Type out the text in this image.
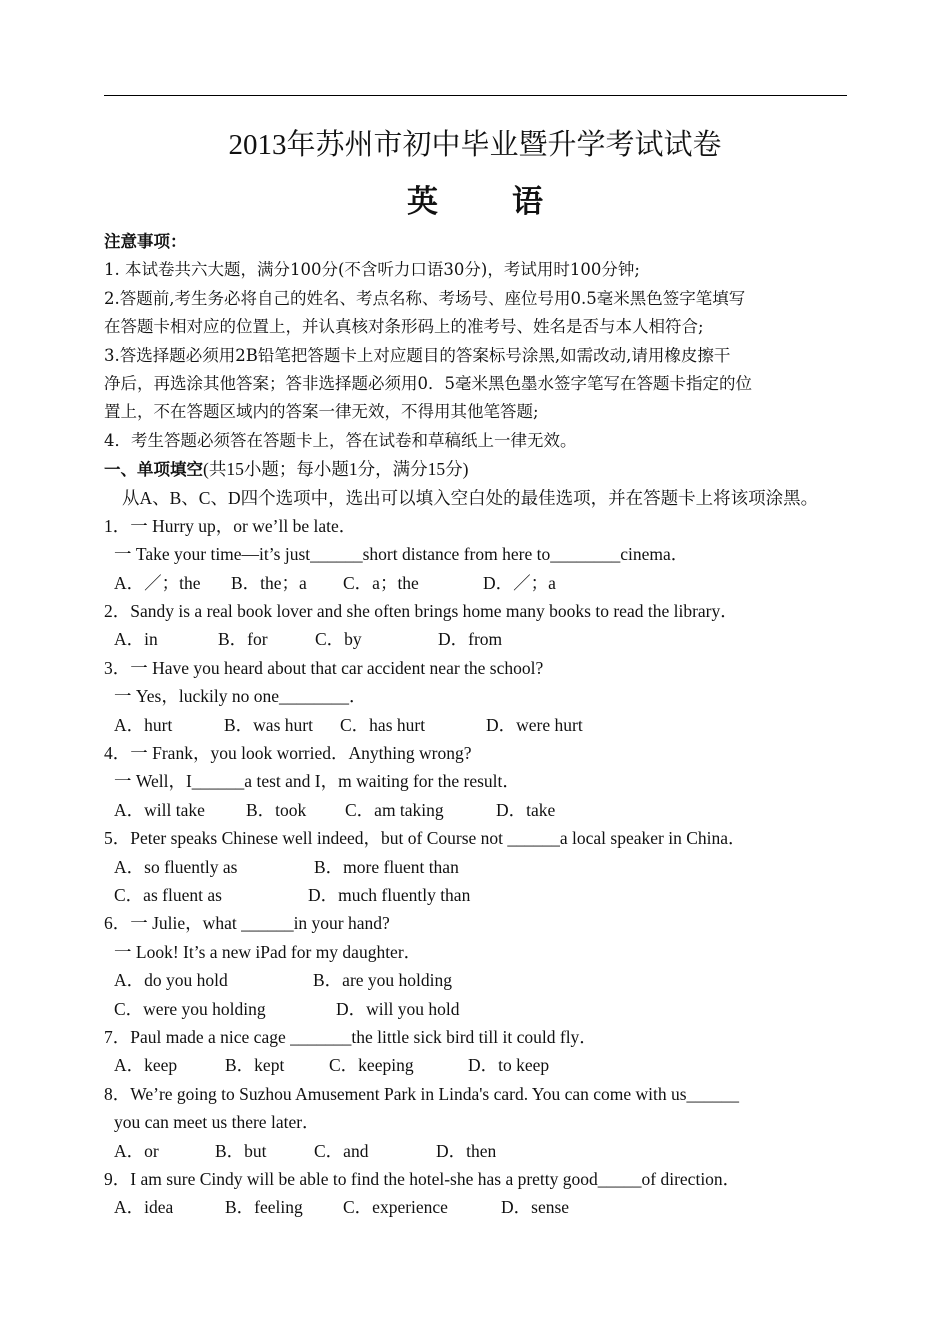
2013年苏州市初中毕业暨升学考试试卷
英 语
注意事项：
1. 本试卷共六大题，满分100分(不含听力口语30分)，考试用时100分钟;
2.答题前,考生务必将自己的姓名、考点名称、考场号、座位号用0.5毫米黑色签字笔填写
在答题卡相对应的位置上，并认真核对条形码上的准考号、姓名是否与本人相符合;
3.答选择题必须用2B铅笔把答题卡上对应题目的答案标号涂黑,如需改动,请用橡皮擦干
净后，再选涂其他答案；答非选择题必须用0．5毫米黑色墨水签字笔写在答题卡指定的位
置上，不在答题区域内的答案一律无效，不得用其他笔答题;
4．考生答题必须答在答题卡上，答在试卷和草稿纸上一律无效。
一、单项填空(共15小题；每小题1分，满分15分)
从A、B、C、D四个选项中，选出可以填入空白处的最佳选项，并在答题卡上将该项涂黑。
1．一 Hurry up，or we’ll be late．
一 Take your time—it’s just______short distance from here to________cinema．
A．／；the B．the；a C．a；the	D．／；a
2．Sandy is a real book lover and she often brings home many books to read the library．
A．in	B．for	C．by	D．from
3．一 Have you heard about that car accident near the school?
一 Yes，luckily no one________．
A．hurt	B．was hurt C．has hurt	D．were hurt
4．一 Frank，you look worried．Anything wrong?
一 Well，I______a test and I，m waiting for the result．
A．will take B．took C．am taking	D．take
5．Peter speaks Chinese well indeed，but of Course not ______a local speaker in China．
A．so fluently as	B．more fluent than
C．as fluent as	D．much fluently than
6．一 Julie，what ______in your hand?
一 Look! It’s a new iPad for my daughter．
A．do you hold	B．are you holding
C．were you holding	D．will you hold
7．Paul made a nice cage _______the little sick bird till it could fly．
A．keep	B．kept	C．keeping	D．to keep
8．We’re going to Suzhou Amusement Park in Linda's card. You can come with us______
you can meet us there later．
A．or	B．but	C．and	D．then
9．I am sure Cindy will be able to find the hotel-she has a pretty good_____of direction．
A．idea	B．feeling C．experience	D．sense
